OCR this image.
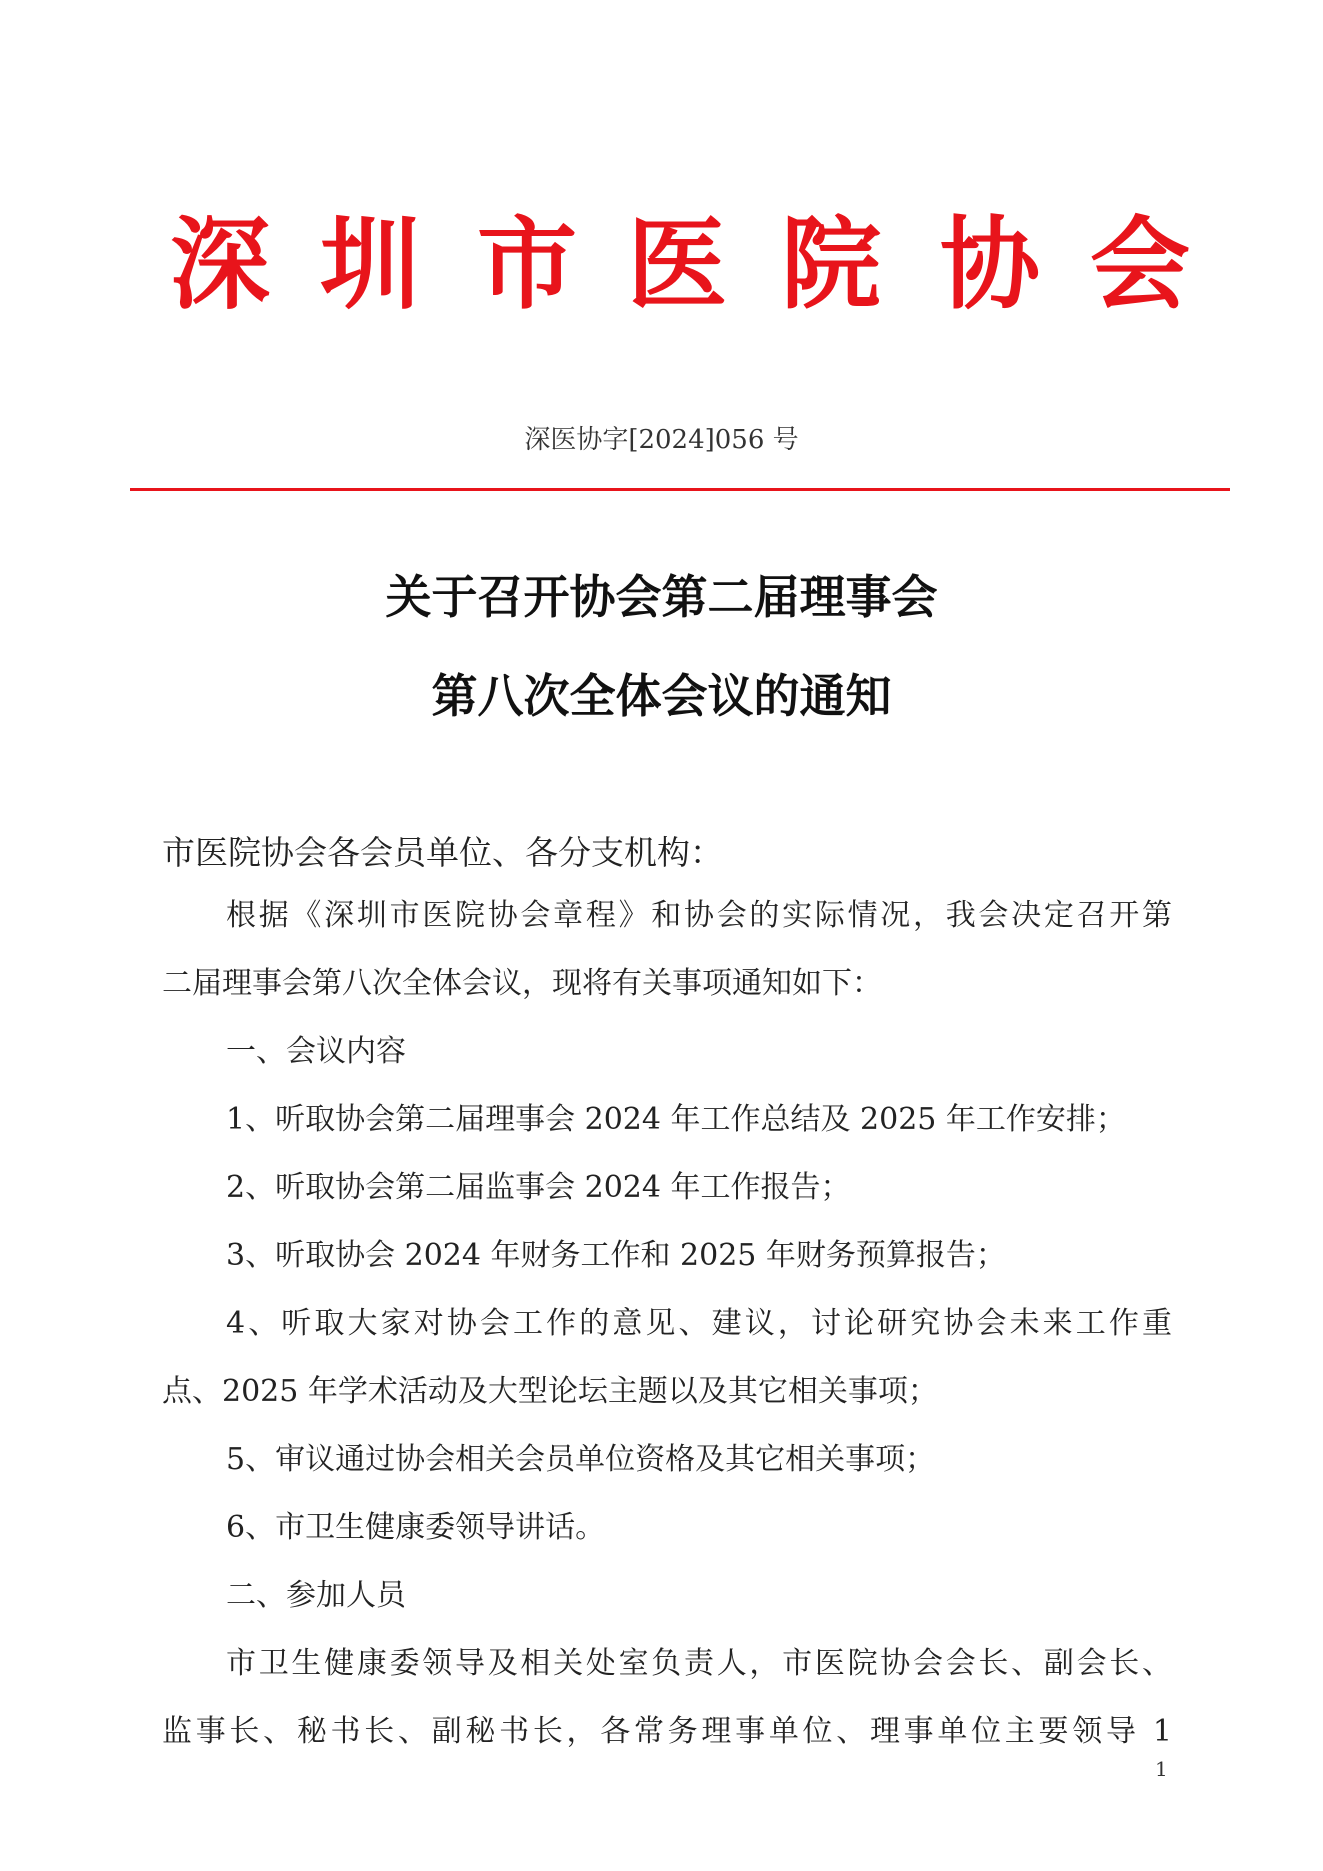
深 圳 市 医 院 协 会
深医协字[2024]056 号
关于召开协会第二届理事会
第八次全体会议的通知
市医院协会各会员单位、各分支机构：
根据《深圳市医院协会章程》和协会的实际情况，我会决定召开第
二届理事会第八次全体会议，现将有关事项通知如下：
一、会议内容
1、听取协会第二届理事会 2024 年工作总结及 2025 年工作安排；
2、听取协会第二届监事会 2024 年工作报告；
3、听取协会 2024 年财务工作和 2025 年财务预算报告；
4、听取大家对协会工作的意见、建议，讨论研究协会未来工作重
点、2025 年学术活动及大型论坛主题以及其它相关事项；
5、审议通过协会相关会员单位资格及其它相关事项；
6、市卫生健康委领导讲话。
二、参加人员
市卫生健康委领导及相关处室负责人，市医院协会会长、副会长、
监事长、秘书长、副秘书长，各常务理事单位、理事单位主要领导 1
1
